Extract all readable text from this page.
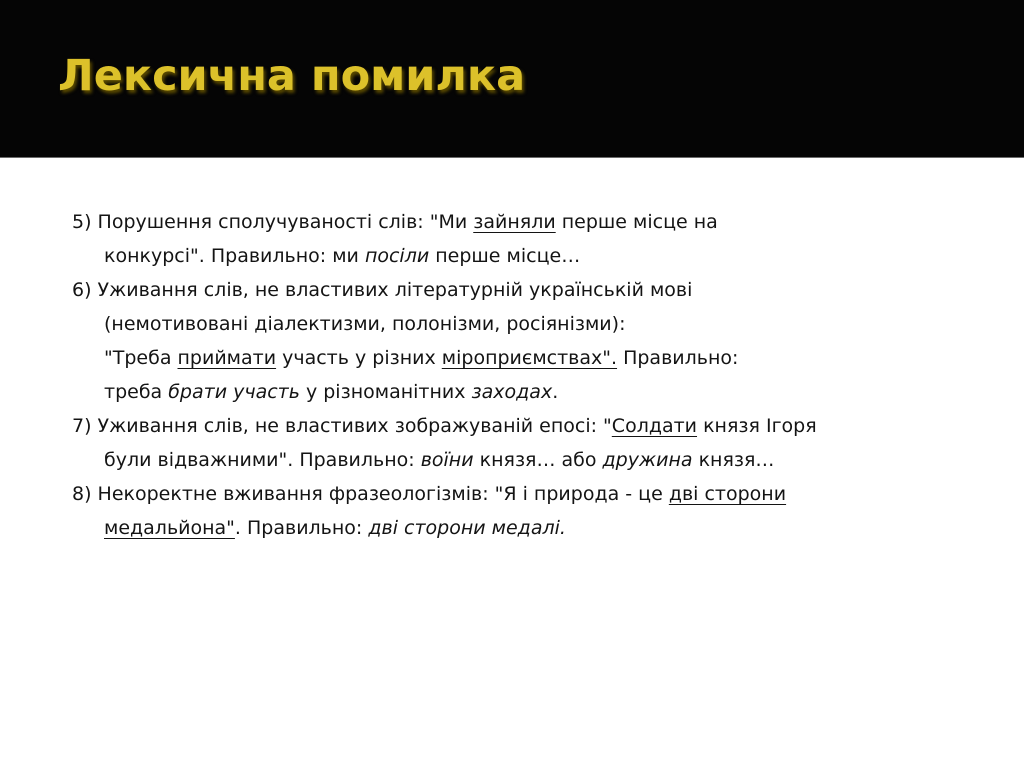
Лексична помилка
5) Порушення сполучуваності слів: "Ми зайняли перше місце на
конкурсі". Правильно: ми посіли перше місце…
6) Уживання слів, не властивих літературній українській мові
(немотивовані діалектизми, полонізми, росіянізми):
"Треба приймати участь у різних міроприємствах". Правильно:
треба брати участь у різноманітних заходах.
7) Уживання слів, не властивих зображуваній епосі: "Солдати князя Ігоря
були відважними". Правильно: воїни князя… або дружина князя…
8) Некоректне вживання фразеологізмів: "Я і природа - це дві сторони
медальйона". Правильно: дві сторони медалі.
